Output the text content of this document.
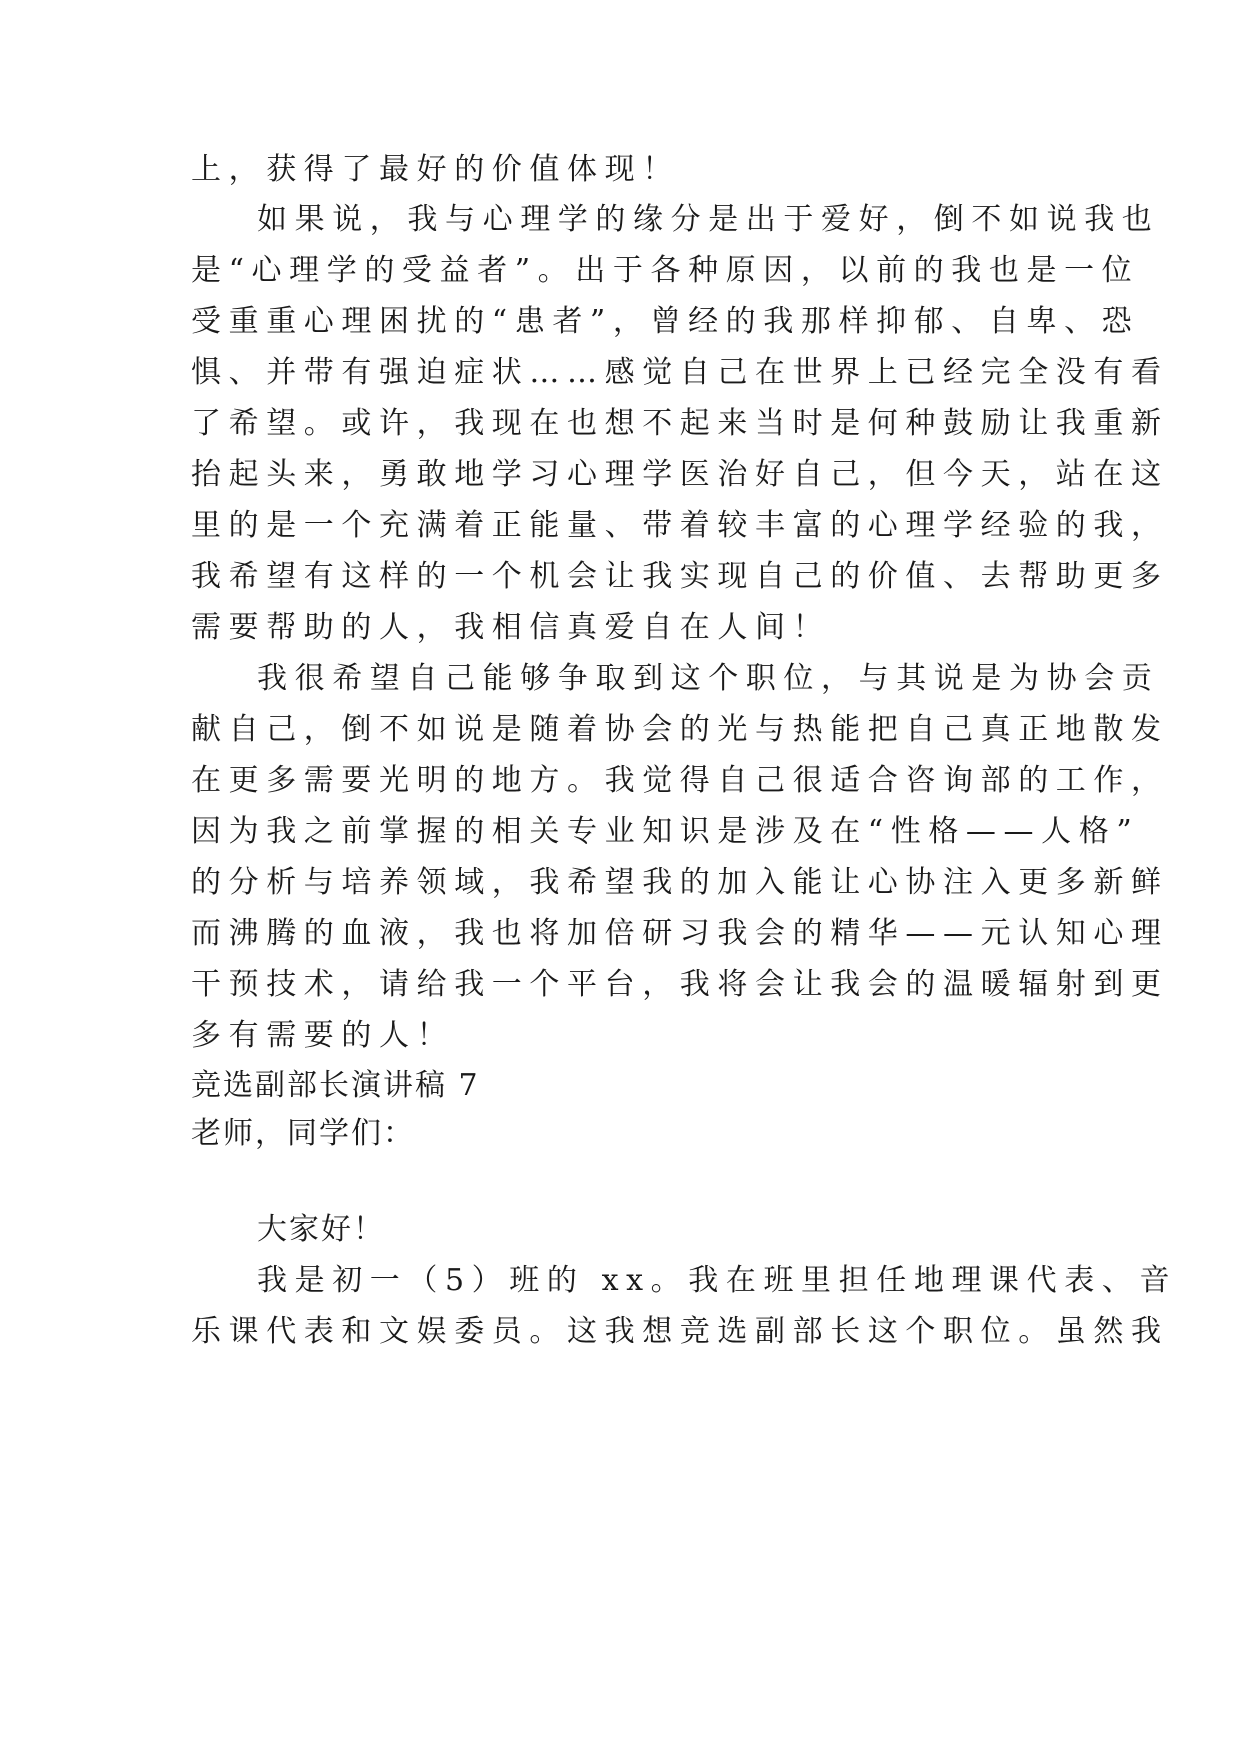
上，获得了最好的价值体现！
如果说，我与心理学的缘分是出于爱好，倒不如说我也
是“心理学的受益者”。出于各种原因，以前的我也是一位
受重重心理困扰的“患者”，曾经的我那样抑郁、自卑、恐
惧、并带有强迫症状……感觉自己在世界上已经完全没有看
了希望。或许，我现在也想不起来当时是何种鼓励让我重新
抬起头来，勇敢地学习心理学医治好自己，但今天，站在这
里的是一个充满着正能量、带着较丰富的心理学经验的我，
我希望有这样的一个机会让我实现自己的价值、去帮助更多
需要帮助的人，我相信真爱自在人间！
我很希望自己能够争取到这个职位，与其说是为协会贡
献自己，倒不如说是随着协会的光与热能把自己真正地散发
在更多需要光明的地方。我觉得自己很适合咨询部的工作，
因为我之前掌握的相关专业知识是涉及在“性格——人格”
的分析与培养领域，我希望我的加入能让心协注入更多新鲜
而沸腾的血液，我也将加倍研习我会的精华——元认知心理
干预技术，请给我一个平台，我将会让我会的温暖辐射到更
多有需要的人！
竞选副部长演讲稿 7
老师，同学们：
大家好！
我是初一（5）班的 xx。我在班里担任地理课代表、音
乐课代表和文娱委员。这我想竞选副部长这个职位。虽然我
